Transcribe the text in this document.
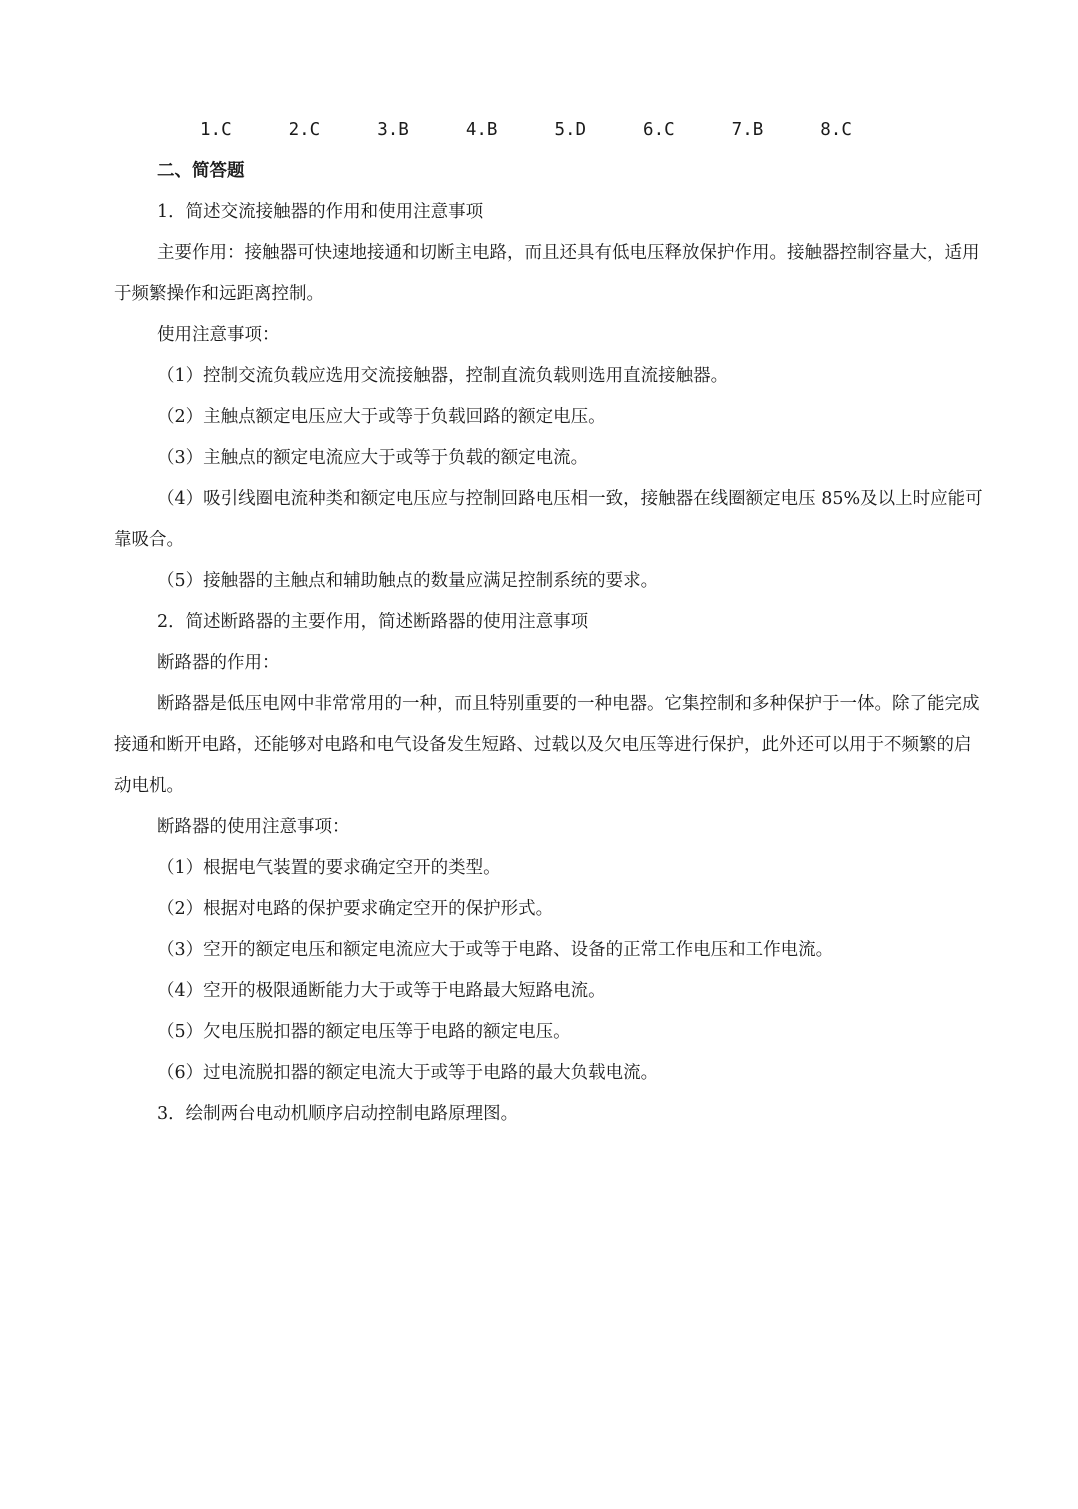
1.C	2.C	3.B	4.B	5.D	6.C	7.B	8.C

二、简答题

1．简述交流接触器的作用和使用注意事项

主要作用：接触器可快速地接通和切断主电路，而且还具有低电压释放保护作用。接触器控制容量大，适用于频繁操作和远距离控制。

使用注意事项：

（1）控制交流负载应选用交流接触器，控制直流负载则选用直流接触器。

（2）主触点额定电压应大于或等于负载回路的额定电压。

（3）主触点的额定电流应大于或等于负载的额定电流。

（4）吸引线圈电流种类和额定电压应与控制回路电压相一致，接触器在线圈额定电压 85%及以上时应能可靠吸合。

（5）接触器的主触点和辅助触点的数量应满足控制系统的要求。

2．简述断路器的主要作用，简述断路器的使用注意事项

断路器的作用：

断路器是低压电网中非常常用的一种，而且特别重要的一种电器。它集控制和多种保护于一体。除了能完成接通和断开电路，还能够对电路和电气设备发生短路、过载以及欠电压等进行保护，此外还可以用于不频繁的启动电机。

断路器的使用注意事项：

（1）根据电气装置的要求确定空开的类型。

（2）根据对电路的保护要求确定空开的保护形式。

（3）空开的额定电压和额定电流应大于或等于电路、设备的正常工作电压和工作电流。

（4）空开的极限通断能力大于或等于电路最大短路电流。

（5）欠电压脱扣器的额定电压等于电路的额定电压。

（6）过电流脱扣器的额定电流大于或等于电路的最大负载电流。

3．绘制两台电动机顺序启动控制电路原理图。
